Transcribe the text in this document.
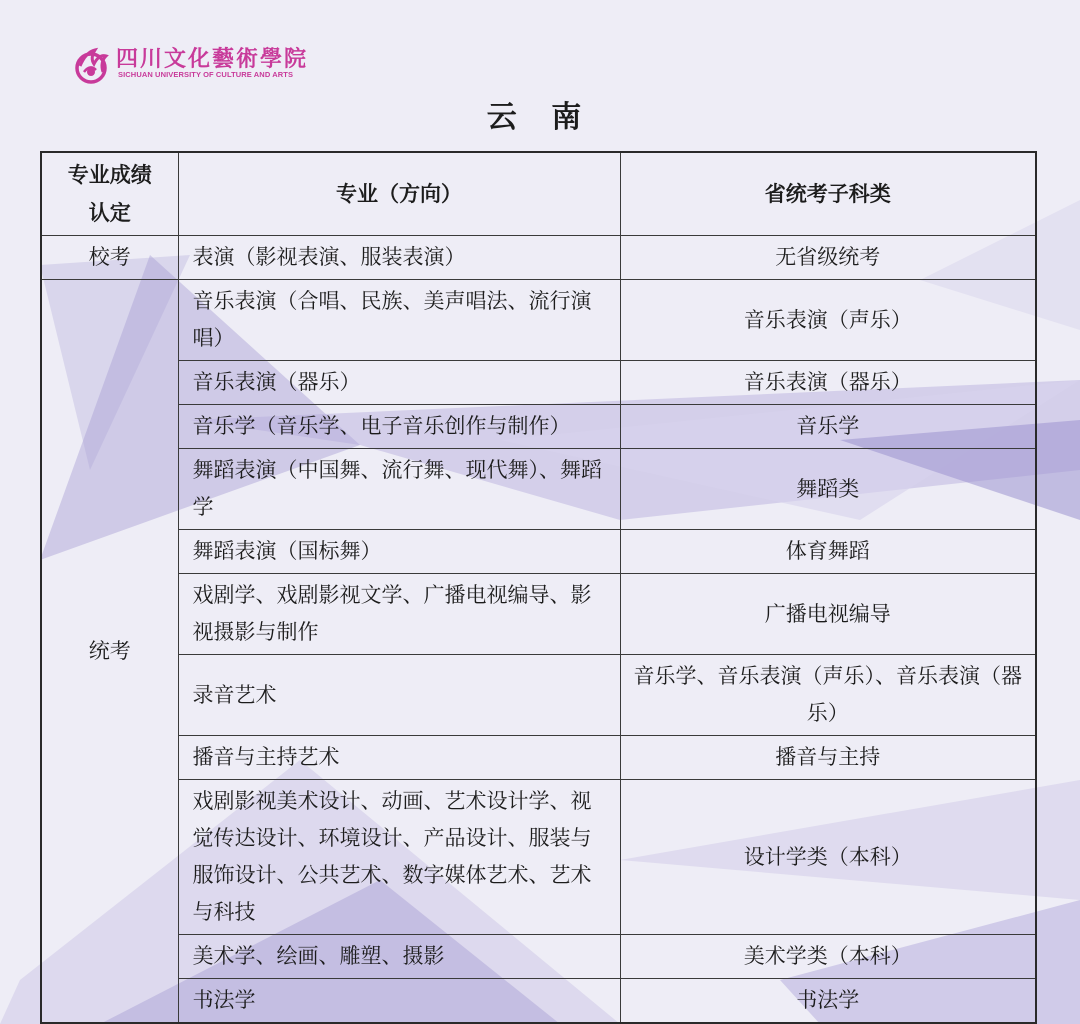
四川文化藝術學院
SICHUAN UNIVERSITY OF CULTURE AND ARTS
云 南
专业成绩
认定	专业（方向）	省统考子科类
校考	表演（影视表演、服装表演）	无省级统考
统考	音乐表演（合唱、民族、美声唱法、流行演唱）	音乐表演（声乐）
	音乐表演（器乐）	音乐表演（器乐）
	音乐学（音乐学、电子音乐创作与制作）	音乐学
	舞蹈表演（中国舞、流行舞、现代舞）、舞蹈学	舞蹈类
	舞蹈表演（国标舞）	体育舞蹈
	戏剧学、戏剧影视文学、广播电视编导、影视摄影与制作	广播电视编导
	录音艺术	音乐学、音乐表演（声乐）、音乐表演（器乐）
	播音与主持艺术	播音与主持
	戏剧影视美术设计、动画、艺术设计学、视觉传达设计、环境设计、产品设计、服装与服饰设计、公共艺术、数字媒体艺术、艺术与科技	设计学类（本科）
	美术学、绘画、雕塑、摄影	美术学类（本科）
	书法学	书法学
